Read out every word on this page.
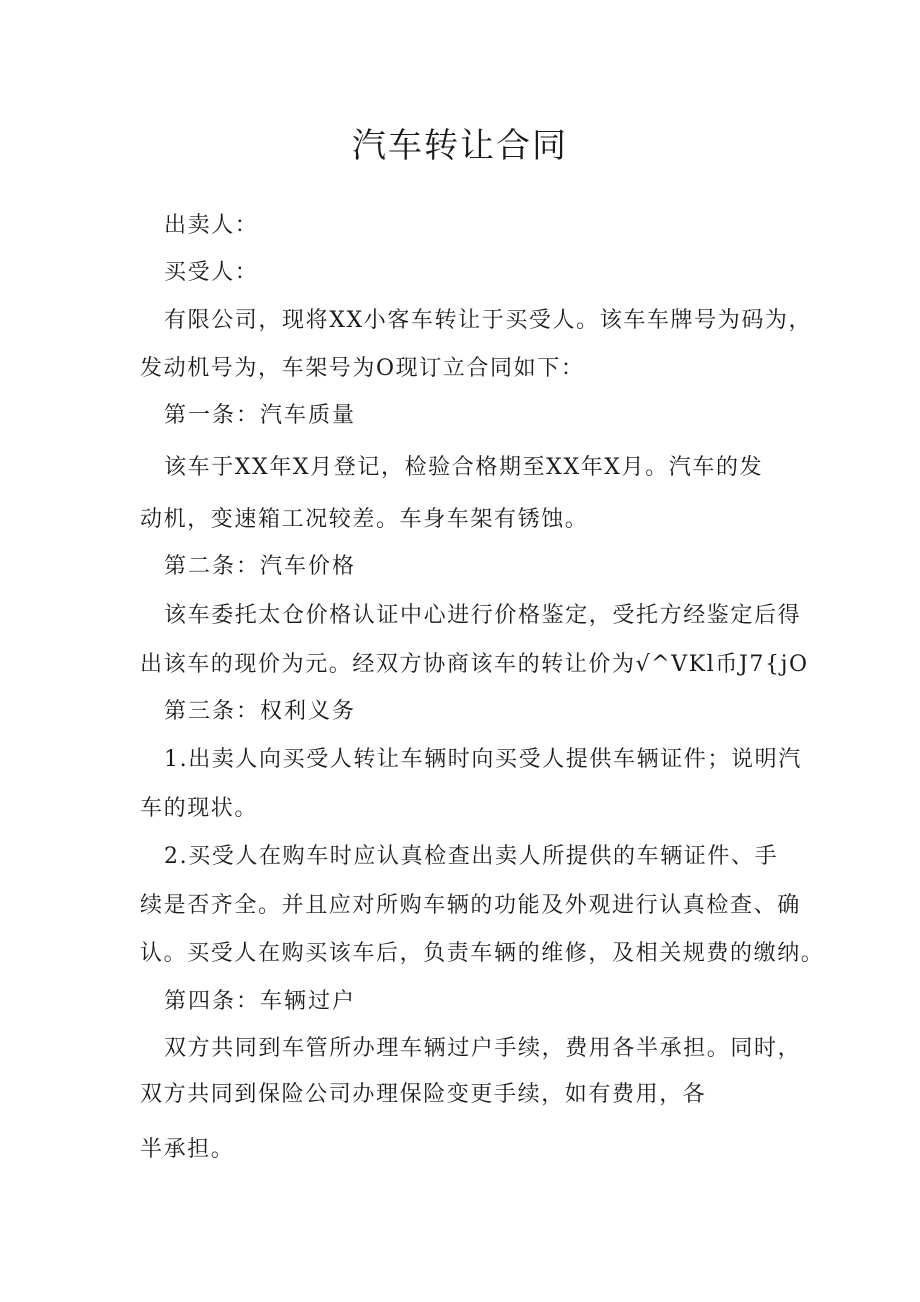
汽车转让合同
出卖人：
买受人：
有限公司，现将XX小客车转让于买受人。该车车牌号为码为，
发动机号为，车架号为O现订立合同如下：
第一条：汽车质量
该车于XX年X月登记，检验合格期至XX年X月。汽车的发
动机，变速箱工况较差。车身车架有锈蚀。
第二条：汽车价格
该车委托太仓价格认证中心进行价格鉴定，受托方经鉴定后得
出该车的现价为元。经双方协商该车的转让价为√^VKl币J7{jO
第三条：权利义务
1.出卖人向买受人转让车辆时向买受人提供车辆证件；说明汽
车的现状。
2.买受人在购车时应认真检查出卖人所提供的车辆证件、手
续是否齐全。并且应对所购车辆的功能及外观进行认真检查、确
认。买受人在购买该车后，负责车辆的维修，及相关规费的缴纳。
第四条：车辆过户
双方共同到车管所办理车辆过户手续，费用各半承担。同时，
双方共同到保险公司办理保险变更手续，如有费用，各
半承担。
